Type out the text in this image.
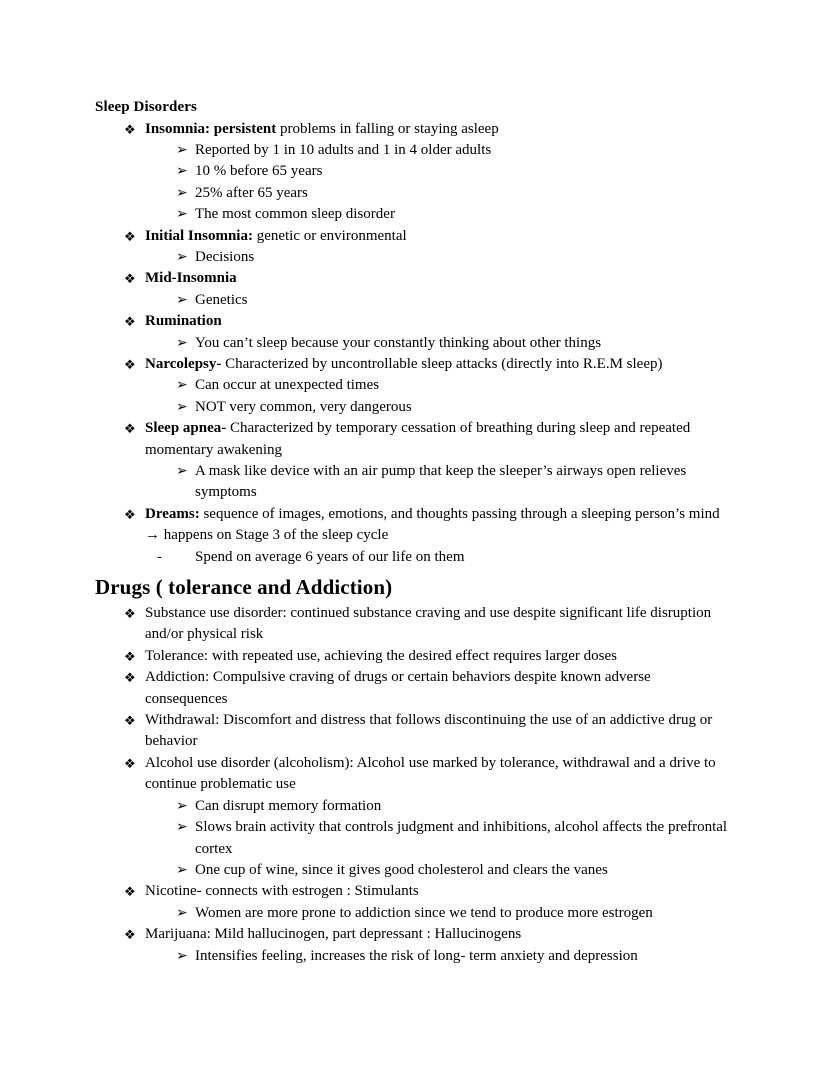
Sleep Disorders
❖ Insomnia: persistent problems in falling or staying asleep
➢ Reported by 1 in 10 adults and 1 in 4 older adults
➢ 10 % before 65 years
➢ 25% after 65 years
➢ The most common sleep disorder
❖ Initial Insomnia: genetic or environmental
➢ Decisions
❖ Mid-Insomnia
➢ Genetics
❖ Rumination
➢ You can’t sleep because your constantly thinking about other things
❖ Narcolepsy- Characterized by uncontrollable sleep attacks (directly into R.E.M sleep)
➢ Can occur at unexpected times
➢ NOT very common, very dangerous
❖ Sleep apnea- Characterized by temporary cessation of breathing during sleep and repeated momentary awakening
➢ A mask like device with an air pump that keep the sleeper’s airways open relieves symptoms
❖ Dreams: sequence of images, emotions, and thoughts passing through a sleeping person’s mind → happens on Stage 3 of the sleep cycle
- Spend on average 6 years of our life on them
Drugs ( tolerance and Addiction)
❖ Substance use disorder: continued substance craving and use despite significant life disruption and/or physical risk
❖ Tolerance: with repeated use, achieving the desired effect requires larger doses
❖ Addiction: Compulsive craving of drugs or certain behaviors despite known adverse consequences
❖ Withdrawal: Discomfort and distress that follows discontinuing the use of an addictive drug or behavior
❖ Alcohol use disorder (alcoholism): Alcohol use marked by tolerance, withdrawal and a drive to continue problematic use
➢ Can disrupt memory formation
➢ Slows brain activity that controls judgment and inhibitions, alcohol affects the prefrontal cortex
➢ One cup of wine, since it gives good cholesterol and clears the vanes
❖ Nicotine- connects with estrogen : Stimulants
➢ Women are more prone to addiction since we tend to produce more estrogen
❖ Marijuana: Mild hallucinogen, part depressant : Hallucinogens
➢ Intensifies feeling, increases the risk of long- term anxiety and depression
